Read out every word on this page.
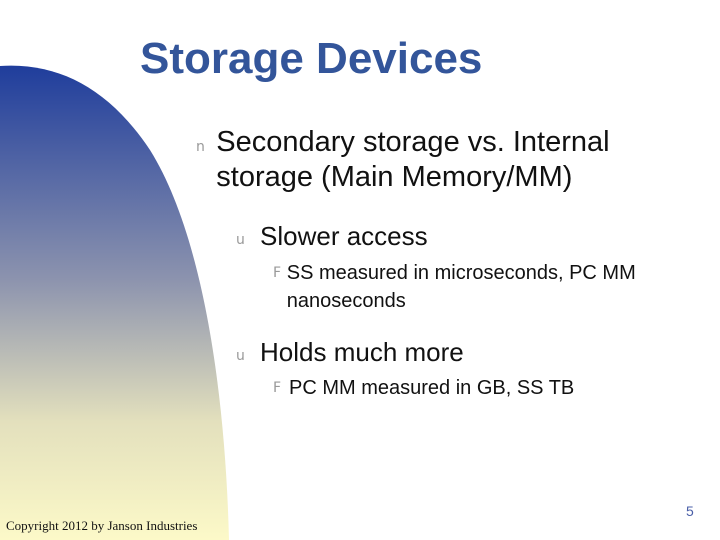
Storage Devices
n Secondary storage vs. Internal storage (Main Memory/MM)
u Slower access
F SS measured in microseconds, PC MM nanoseconds
u Holds much more
F PC MM measured in GB, SS TB
Copyright 2012 by Janson Industries
5
